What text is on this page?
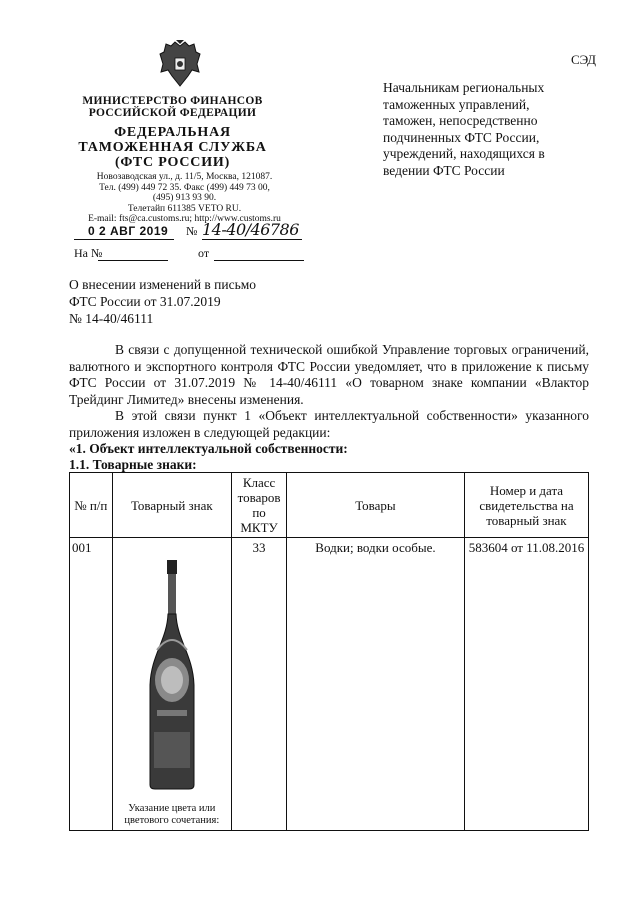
СЭД
МИНИСТЕРСТВО ФИНАНСОВ
РОССИЙСКОЙ ФЕДЕРАЦИИ
ФЕДЕРАЛЬНАЯ
ТАМОЖЕННАЯ СЛУЖБА
(ФТС РОССИИ)
Новозаводская ул., д. 11/5, Москва, 121087.
Тел. (499) 449 72 35. Факс (499) 449 73 00,
(495) 913 93 90.
Телетайп 611385 VETO RU.
E-mail: fts@ca.customs.ru; http://www.customs.ru
0 2 АВГ 2019 № 14-40/46786
На №	от
Начальникам региональных таможенных управлений, таможен, непосредственно подчиненных ФТС России, учреждений, находящихся в ведении ФТС России
О внесении изменений в письмо
ФТС России от 31.07.2019
№ 14-40/46111

В связи с допущенной технической ошибкой Управление торговых ограничений, валютного и экспортного контроля ФТС России уведомляет, что в приложение к письму ФТС России от 31.07.2019 № 14-40/46111 «О товарном знаке компании «Влактор Трейдинг Лимитед» внесены изменения.

В этой связи пункт 1 «Объект интеллектуальной собственности» указанного приложения изложен в следующей редакции:

«1. Объект интеллектуальной собственности:
1.1. Товарные знаки:
№ п/п	Товарный знак	Класс товаров по МКТУ	Товары	Номер и дата свидетельства на товарный знак
001	Указание цвета или цветового сочетания:	33	Водки; водки особые.	583604 от 11.08.2016
